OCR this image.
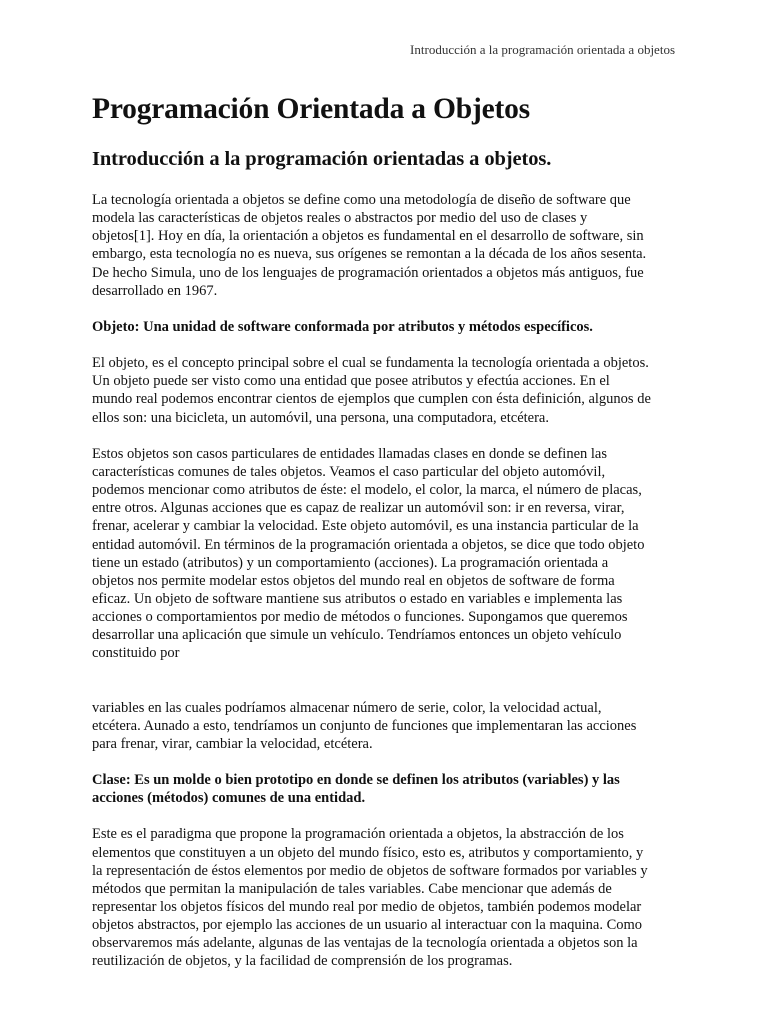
Introducción a la programación orientada a objetos
Programación Orientada a Objetos
Introducción a la programación orientadas a objetos.

La tecnología orientada a objetos se define como una metodología de diseño de software que modela las características de objetos reales o abstractos por medio del uso de clases y objetos[1]. Hoy en día, la orientación a objetos es fundamental en el desarrollo de software, sin embargo, esta tecnología no es nueva, sus orígenes se remontan a la década de los años sesenta. De hecho Simula, uno de los lenguajes de programación orientados a objetos más antiguos, fue desarrollado en 1967.

Objeto: Una unidad de software conformada por atributos y métodos específicos.

El objeto, es el concepto principal sobre el cual se fundamenta la tecnología orientada a objetos. Un objeto puede ser visto como una entidad que posee atributos y efectúa acciones. En el mundo real podemos encontrar cientos de ejemplos que cumplen con ésta definición, algunos de ellos son: una bicicleta, un automóvil, una persona, una computadora, etcétera.

Estos objetos son casos particulares de entidades llamadas clases en donde se definen las características comunes de tales objetos. Veamos el caso particular del objeto automóvil, podemos mencionar como atributos de éste: el modelo, el color, la marca, el número de placas, entre otros. Algunas acciones que es capaz de realizar un automóvil son: ir en reversa, virar, frenar, acelerar y cambiar la velocidad. Este objeto automóvil, es una instancia particular de la entidad automóvil. En términos de la programación orientada a objetos, se dice que todo objeto tiene un estado (atributos) y un comportamiento (acciones). La programación orientada a objetos nos permite modelar estos objetos del mundo real en objetos de software de forma eficaz. Un objeto de software mantiene sus atributos o estado en variables e implementa las acciones o comportamientos por medio de métodos o funciones. Supongamos que queremos desarrollar una aplicación que simule un vehículo. Tendríamos entonces un objeto vehículo constituido por

variables en las cuales podríamos almacenar número de serie, color, la velocidad actual, etcétera. Aunado a esto, tendríamos un conjunto de funciones que implementaran las acciones para frenar, virar, cambiar la velocidad, etcétera.

Clase: Es un molde o bien prototipo en donde se definen los atributos (variables) y las acciones (métodos) comunes de una entidad.

Este es el paradigma que propone la programación orientada a objetos, la abstracción de los elementos que constituyen a un objeto del mundo físico, esto es, atributos y comportamiento, y la representación de éstos elementos por medio de objetos de software formados por variables y métodos que permitan la manipulación de tales variables. Cabe mencionar que además de representar los objetos físicos del mundo real por medio de objetos, también podemos modelar objetos abstractos, por ejemplo las acciones de un usuario al interactuar con la maquina. Como observaremos más adelante, algunas de las ventajas de la tecnología orientada a objetos son la reutilización de objetos, y la facilidad de comprensión de los programas.
